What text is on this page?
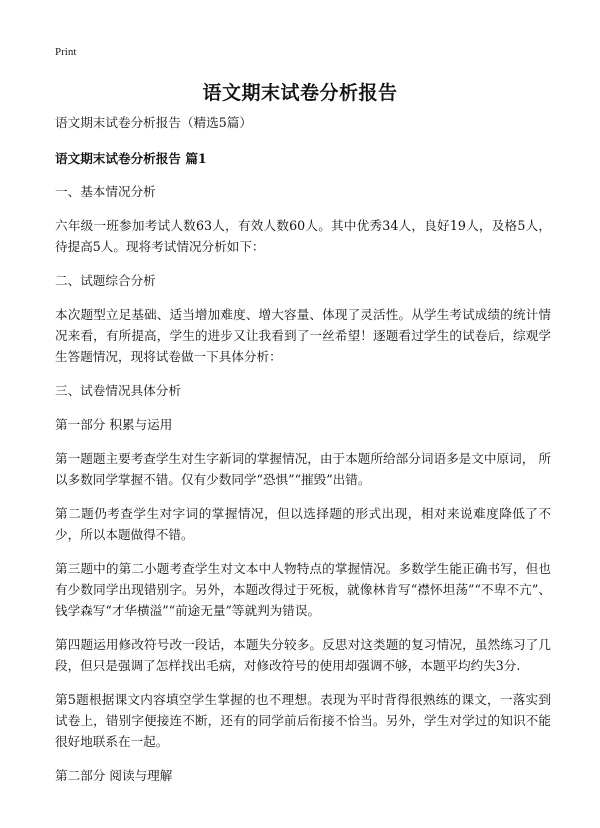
Print
语文期末试卷分析报告

语文期末试卷分析报告（精选5篇）

语文期末试卷分析报告 篇1

一、基本情况分析

六年级一班参加考试人数63人，有效人数60人。其中优秀34人，良好19人，及格5人，待提高5人。现将考试情况分析如下：

二、试题综合分析

本次题型立足基础、适当增加难度、增大容量、体现了灵活性。从学生考试成绩的统计情况来看，有所提高，学生的进步又让我看到了一丝希望！逐题看过学生的试卷后，综观学生答题情况，现将试卷做一下具体分析：

三、试卷情况具体分析

第一部分 积累与运用

第一题题主要考查学生对生字新词的掌握情况，由于本题所给部分词语多是文中原词， 所以多数同学掌握不错。仅有少数同学“恐惧”“摧毁”出错。

第二题仍考查学生对字词的掌握情况，但以选择题的形式出现，相对来说难度降低了不少，所以本题做得不错。

第三题中的第二小题考查学生对文本中人物特点的掌握情况。多数学生能正确书写，但也有少数同学出现错别字。另外，本题改得过于死板，就像林肯写“襟怀坦荡”“不卑不亢”、钱学森写“才华横溢”“前途无量”等就判为错误。

第四题运用修改符号改一段话，本题失分较多。反思对这类题的复习情况，虽然练习了几段，但只是强调了怎样找出毛病，对修改符号的使用却强调不够，本题平均约失3分.

第5题根据课文内容填空学生掌握的也不理想。表现为平时背得很熟练的课文，一落实到试卷上，错别字便接连不断，还有的同学前后衔接不恰当。另外，学生对学过的知识不能很好地联系在一起。

第二部分 阅读与理解
